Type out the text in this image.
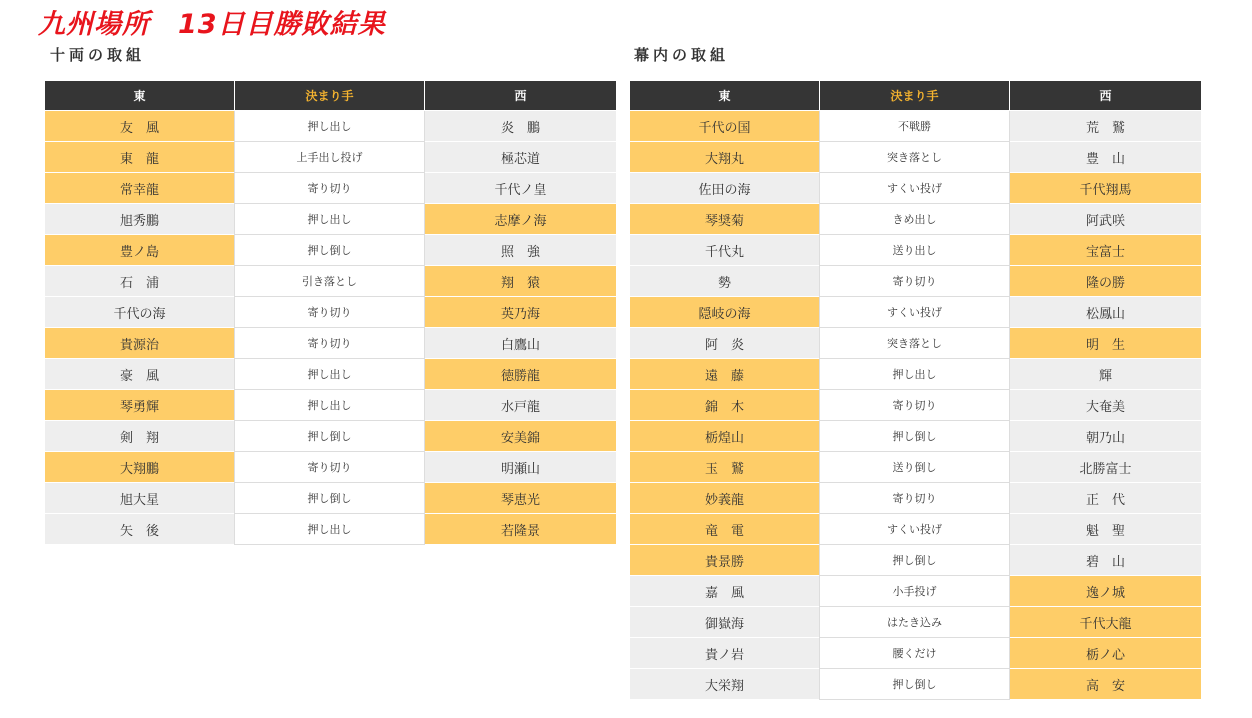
九州場所　13日目勝敗結果
十両の取組
東	決まり手	西
友　風	押し出し	炎　鵬
東　龍	上手出し投げ	極芯道
常幸龍	寄り切り	千代ノ皇
旭秀鵬	押し出し	志摩ノ海
豊ノ島	押し倒し	照　強
石　浦	引き落とし	翔　猿
千代の海	寄り切り	英乃海
貴源治	寄り切り	白鷹山
豪　風	押し出し	徳勝龍
琴勇輝	押し出し	水戸龍
剣　翔	押し倒し	安美錦
大翔鵬	寄り切り	明瀬山
旭大星	押し倒し	琴恵光
矢　後	押し出し	若隆景
幕内の取組
東	決まり手	西
千代の国	不戦勝	荒　鷲
大翔丸	突き落とし	豊　山
佐田の海	すくい投げ	千代翔馬
琴奨菊	きめ出し	阿武咲
千代丸	送り出し	宝富士
勢	寄り切り	隆の勝
隠岐の海	すくい投げ	松鳳山
阿　炎	突き落とし	明　生
遠　藤	押し出し	輝
錦　木	寄り切り	大奄美
栃煌山	押し倒し	朝乃山
玉　鷲	送り倒し	北勝富士
妙義龍	寄り切り	正　代
竜　電	すくい投げ	魁　聖
貴景勝	押し倒し	碧　山
嘉　風	小手投げ	逸ノ城
御嶽海	はたき込み	千代大龍
貴ノ岩	腰くだけ	栃ノ心
大栄翔	押し倒し	高　安
